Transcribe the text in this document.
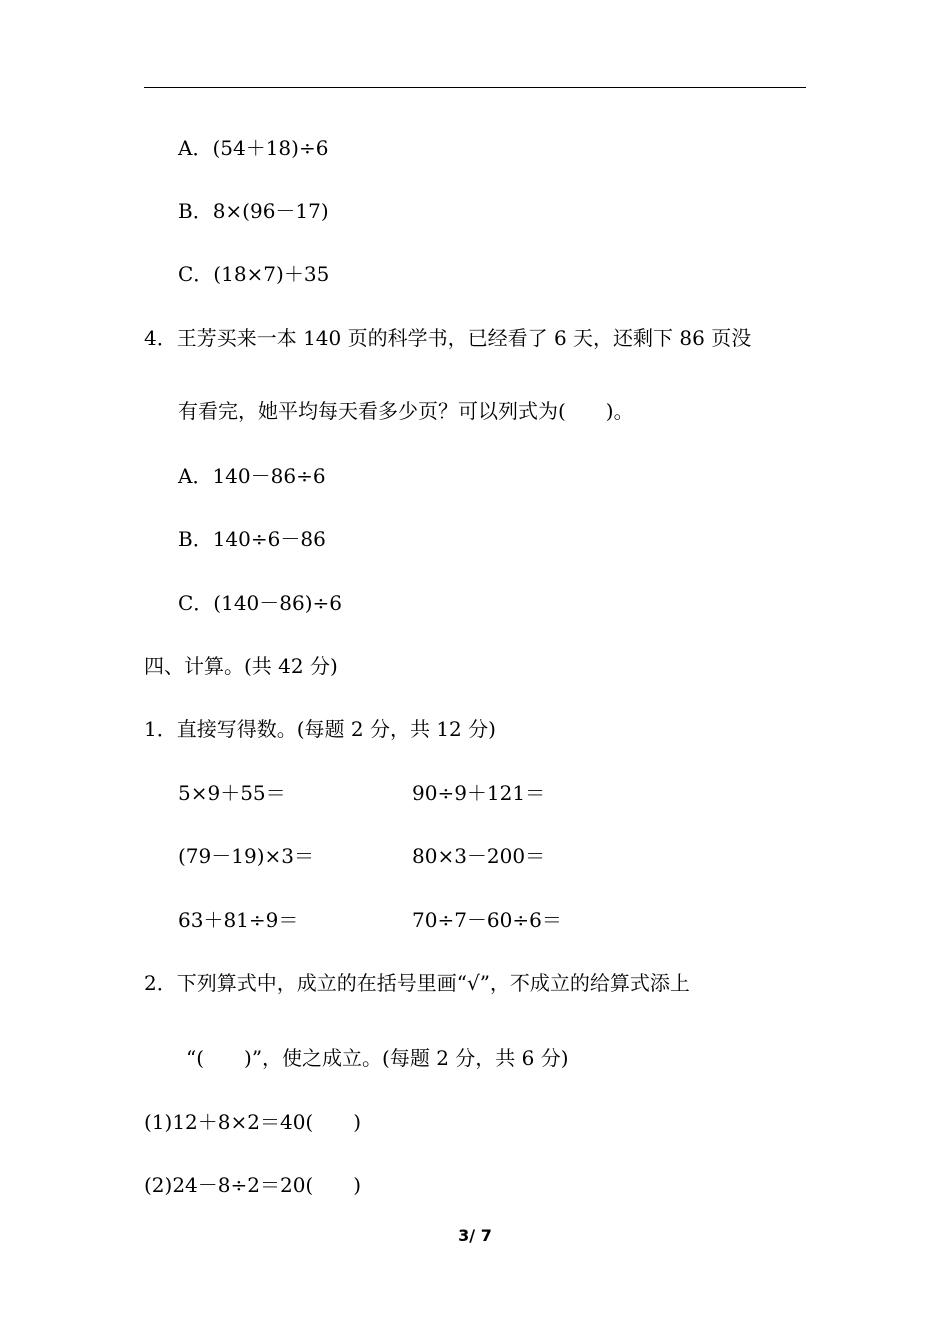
A．(54＋18)÷6
B．8×(96－17)
C．(18×7)＋35
4．王芳买来一本 140 页的科学书，已经看了 6 天，还剩下 86 页没
有看完，她平均每天看多少页？可以列式为(　　)。
A．140－86÷6
B．140÷6－86
C．(140－86)÷6
四、计算。(共 42 分)
1．直接写得数。(每题 2 分，共 12 分)
5×9＋55＝	90÷9＋121＝
(79－19)×3＝	80×3－200＝
63＋81÷9＝	70÷7－60÷6＝
2．下列算式中，成立的在括号里画“√”，不成立的给算式添上
“(　　)”，使之成立。(每题 2 分，共 6 分)
(1)12＋8×2＝40(　　)
(2)24－8÷2＝20(　　)
3/ 7
